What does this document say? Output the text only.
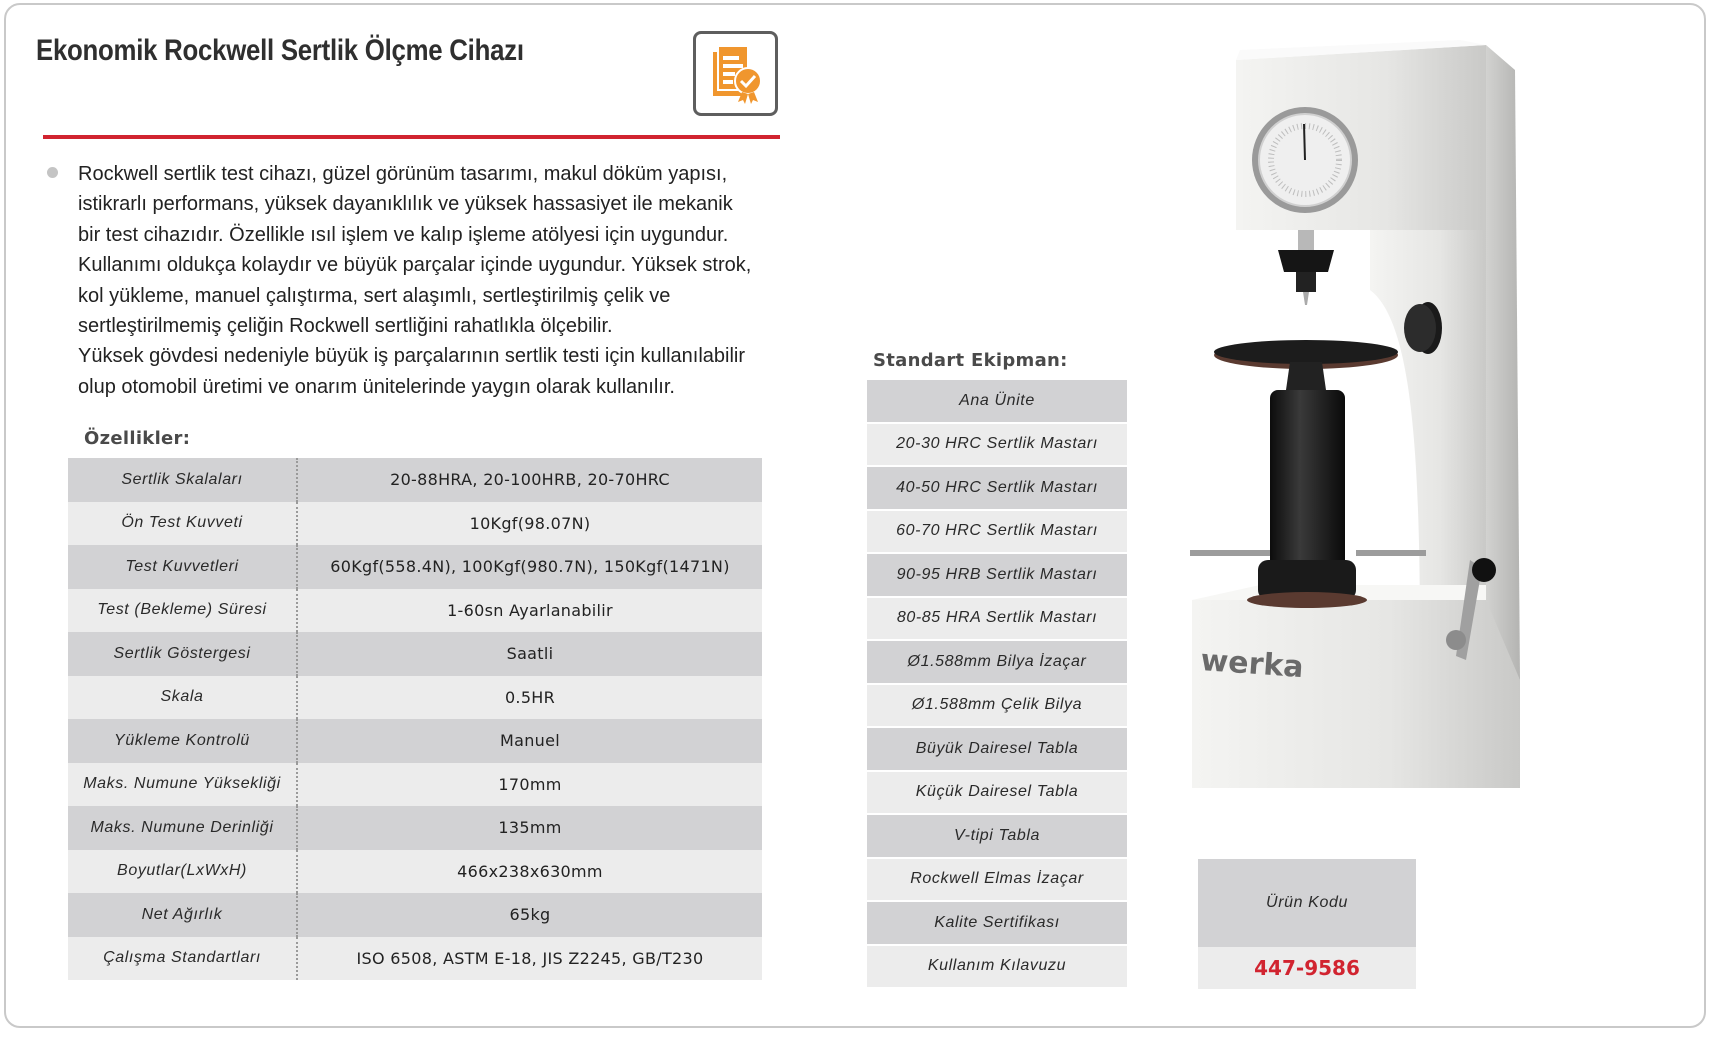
Ekonomik Rockwell Sertlik Ölçme Cihazı

Rockwell sertlik test cihazı, güzel görünüm tasarımı, makul döküm yapısı,
istikrarlı performans, yüksek dayanıklılık ve yüksek hassasiyet ile mekanik
bir test cihazıdır. Özellikle ısıl işlem ve kalıp işleme atölyesi için uygundur.
Kullanımı oldukça kolaydır ve büyük parçalar içinde uygundur. Yüksek strok,
kol yükleme, manuel çalıştırma, sert alaşımlı, sertleştirilmiş çelik ve
sertleştirilmemiş çeliğin Rockwell sertliğini rahatlıkla ölçebilir.
Yüksek gövdesi nedeniyle büyük iş parçalarının sertlik testi için kullanılabilir
olup otomobil üretimi ve onarım ünitelerinde yaygın olarak kullanılır.

Özellikler:
Sertlik Skalaları	20-88HRA, 20-100HRB, 20-70HRC
Ön Test Kuvveti	10Kgf(98.07N)
Test Kuvvetleri	60Kgf(558.4N), 100Kgf(980.7N), 150Kgf(1471N)
Test (Bekleme) Süresi	1-60sn Ayarlanabilir
Sertlik Göstergesi	Saatli
Skala	0.5HR
Yükleme Kontrolü	Manuel
Maks. Numune Yüksekliği	170mm
Maks. Numune Derinliği	135mm
Boyutlar(LxWxH)	466x238x630mm
Net Ağırlık	65kg
Çalışma Standartları	ISO 6508, ASTM E-18, JIS Z2245, GB/T230
Standart Ekipman:
Ana Ünite
20-30 HRC Sertlik Mastarı
40-50 HRC Sertlik Mastarı
60-70 HRC Sertlik Mastarı
90-95 HRB Sertlik Mastarı
80-85 HRA Sertlik Mastarı
Ø1.588mm Bilya İzaçar
Ø1.588mm Çelik Bilya
Büyük Dairesel Tabla
Küçük Dairesel Tabla
V-tipi Tabla
Rockwell Elmas İzaçar
Kalite Sertifikası
Kullanım Kılavuzu
Ürün Kodu
447-9586
werka
